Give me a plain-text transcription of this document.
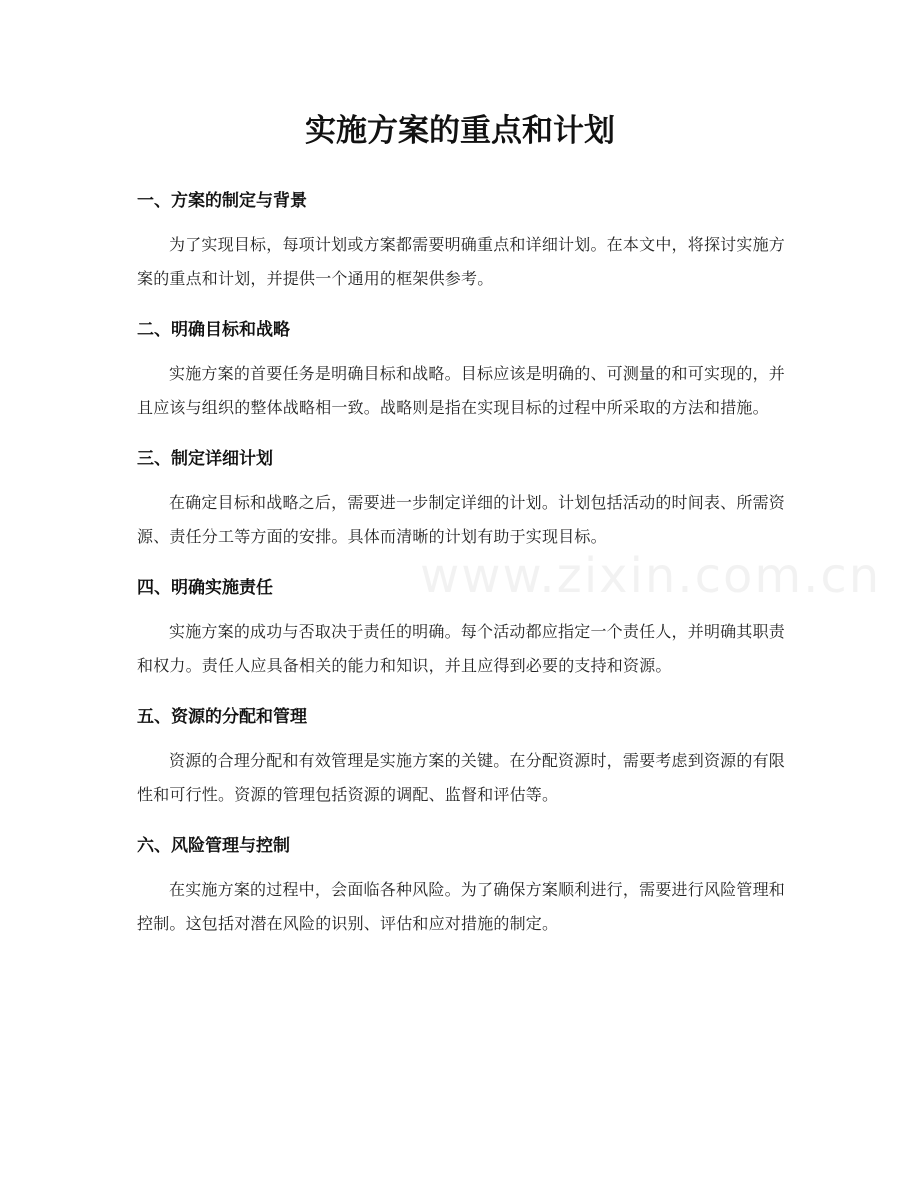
实施方案的重点和计划
www.zixin.com.cn
一、方案的制定与背景

为了实现目标，每项计划或方案都需要明确重点和详细计划。在本文中，将探讨实施方案的重点和计划，并提供一个通用的框架供参考。

二、明确目标和战略

实施方案的首要任务是明确目标和战略。目标应该是明确的、可测量的和可实现的，并且应该与组织的整体战略相一致。战略则是指在实现目标的过程中所采取的方法和措施。

三、制定详细计划

在确定目标和战略之后，需要进一步制定详细的计划。计划包括活动的时间表、所需资源、责任分工等方面的安排。具体而清晰的计划有助于实现目标。

四、明确实施责任

实施方案的成功与否取决于责任的明确。每个活动都应指定一个责任人，并明确其职责和权力。责任人应具备相关的能力和知识，并且应得到必要的支持和资源。

五、资源的分配和管理

资源的合理分配和有效管理是实施方案的关键。在分配资源时，需要考虑到资源的有限性和可行性。资源的管理包括资源的调配、监督和评估等。

六、风险管理与控制

在实施方案的过程中，会面临各种风险。为了确保方案顺利进行，需要进行风险管理和控制。这包括对潜在风险的识别、评估和应对措施的制定。
